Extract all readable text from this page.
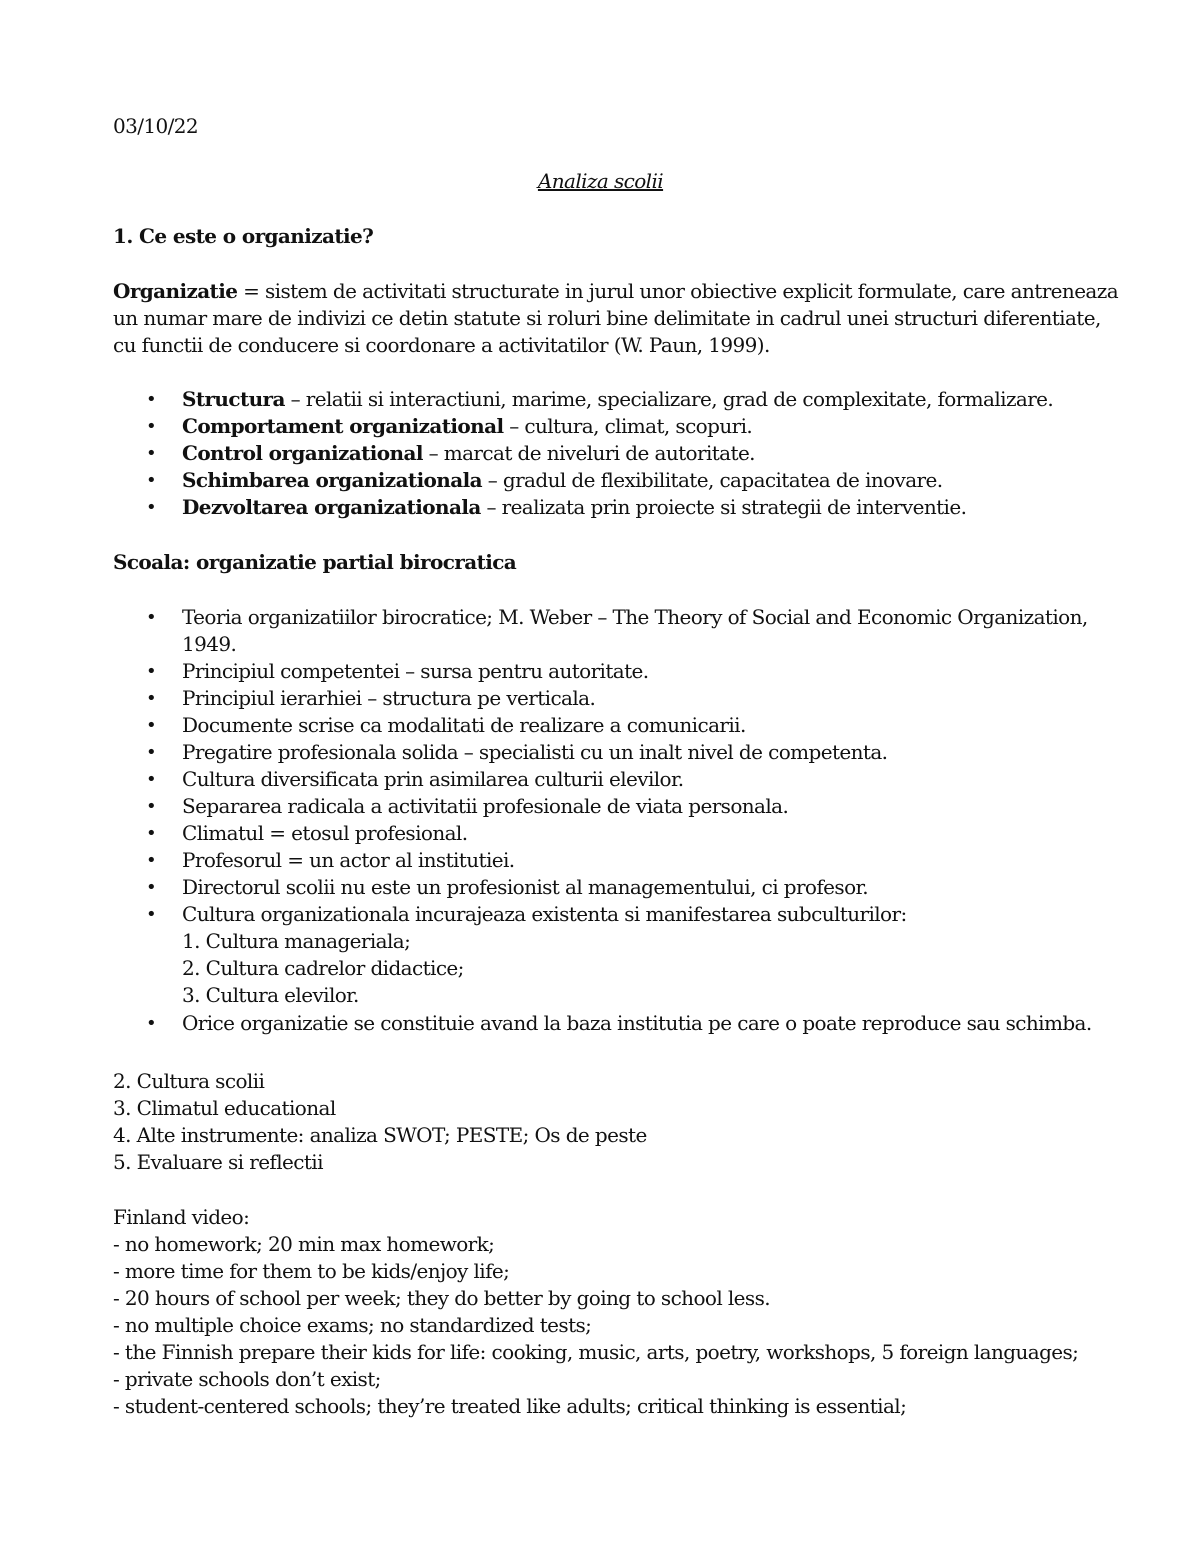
03/10/22
Analiza scolii
1. Ce este o organizatie?
Organizatie = sistem de activitati structurate in jurul unor obiective explicit formulate, care antreneaza
un numar mare de indivizi ce detin statute si roluri bine delimitate in cadrul unei structuri diferentiate,
cu functii de conducere si coordonare a activitatilor (W. Paun, 1999).
• Structura – relatii si interactiuni, marime, specializare, grad de complexitate, formalizare.
• Comportament organizational – cultura, climat, scopuri.
• Control organizational – marcat de niveluri de autoritate.
• Schimbarea organizationala – gradul de flexibilitate, capacitatea de inovare.
• Dezvoltarea organizationala – realizata prin proiecte si strategii de interventie.
Scoala: organizatie partial birocratica
• Teoria organizatiilor birocratice; M. Weber – The Theory of Social and Economic Organization,
1949.
• Principiul competentei – sursa pentru autoritate.
• Principiul ierarhiei – structura pe verticala.
• Documente scrise ca modalitati de realizare a comunicarii.
• Pregatire profesionala solida – specialisti cu un inalt nivel de competenta.
• Cultura diversificata prin asimilarea culturii elevilor.
• Separarea radicala a activitatii profesionale de viata personala.
• Climatul = etosul profesional.
• Profesorul = un actor al institutiei.
• Directorul scolii nu este un profesionist al managementului, ci profesor.
• Cultura organizationala incurajeaza existenta si manifestarea subculturilor:
1. Cultura manageriala;
2. Cultura cadrelor didactice;
3. Cultura elevilor.
• Orice organizatie se constituie avand la baza institutia pe care o poate reproduce sau schimba.
2. Cultura scolii
3. Climatul educational
4. Alte instrumente: analiza SWOT; PESTE; Os de peste
5. Evaluare si reflectii
Finland video:
- no homework; 20 min max homework;
- more time for them to be kids/enjoy life;
- 20 hours of school per week; they do better by going to school less.
- no multiple choice exams; no standardized tests;
- the Finnish prepare their kids for life: cooking, music, arts, poetry, workshops, 5 foreign languages;
- private schools don’t exist;
- student-centered schools; they’re treated like adults; critical thinking is essential;
